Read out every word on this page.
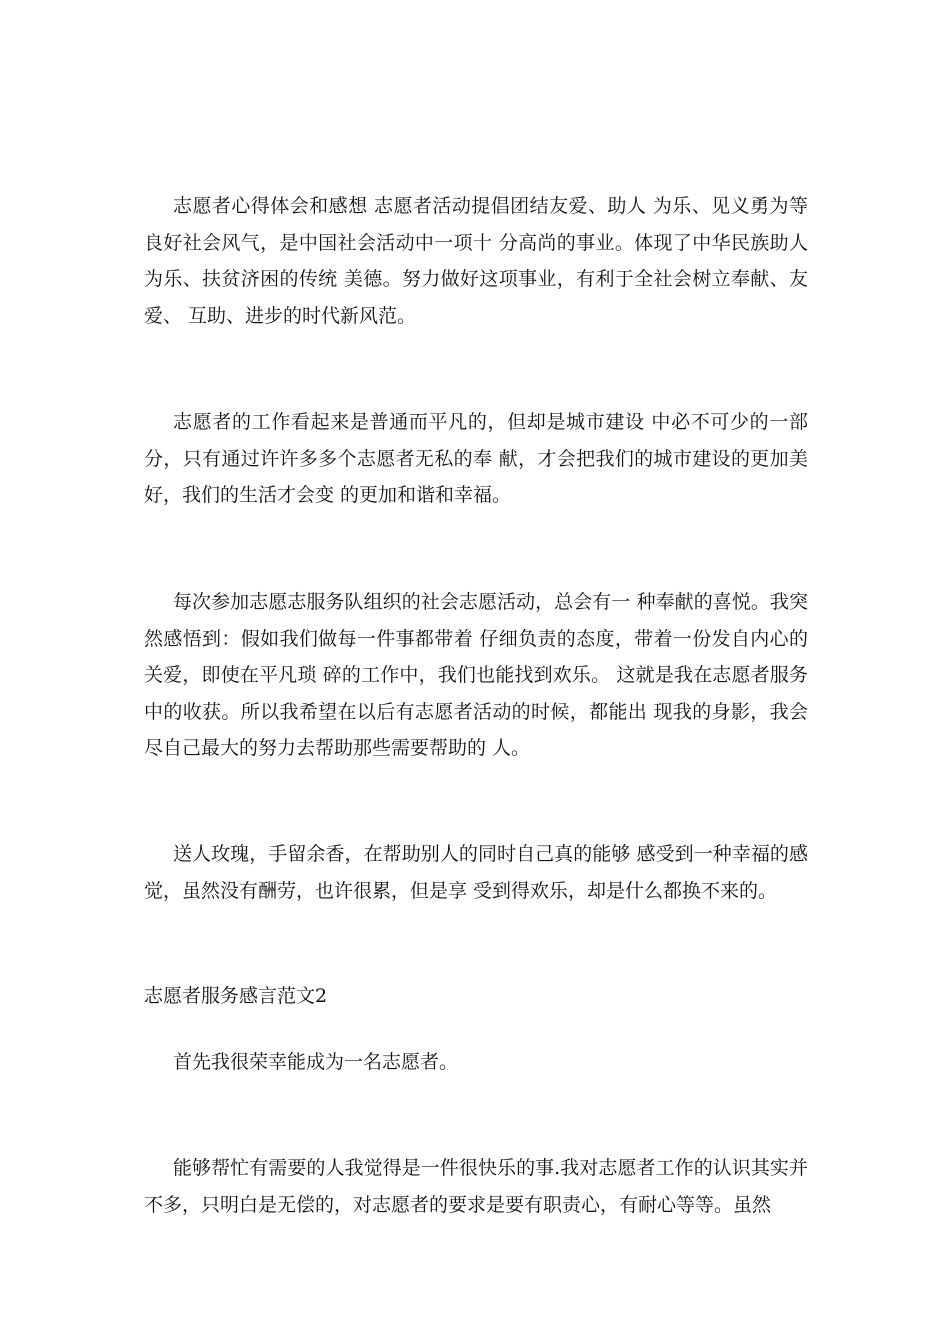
志愿者心得体会和感想 志愿者活动提倡团结友爱、助人 为乐、见义勇为等良好社会风气，是中国社会活动中一项十 分高尚的事业。体现了中华民族助人为乐、扶贫济困的传统 美德。努力做好这项事业，有利于全社会树立奉献、友爱、 互助、进步的时代新风范。

志愿者的工作看起来是普通而平凡的，但却是城市建设 中必不可少的一部分，只有通过许许多多个志愿者无私的奉 献，才会把我们的城市建设的更加美好，我们的生活才会变 的更加和谐和幸福。

每次参加志愿志服务队组织的社会志愿活动，总会有一 种奉献的喜悦。我突然感悟到：假如我们做每一件事都带着 仔细负责的态度，带着一份发自内心的关爱，即使在平凡琐 碎的工作中，我们也能找到欢乐。 这就是我在志愿者服务 中的收获。所以我希望在以后有志愿者活动的时候，都能出 现我的身影，我会尽自己最大的努力去帮助那些需要帮助的 人。

送人玫瑰，手留余香，在帮助别人的同时自己真的能够 感受到一种幸福的感觉，虽然没有酬劳，也许很累，但是享 受到得欢乐，却是什么都换不来的。

志愿者服务感言范文2

首先我很荣幸能成为一名志愿者。

能够帮忙有需要的人我觉得是一件很快乐的事.我对志愿者工作的认识其实并不多，只明白是无偿的，对志愿者的要求是要有职责心，有耐心等等。虽然
